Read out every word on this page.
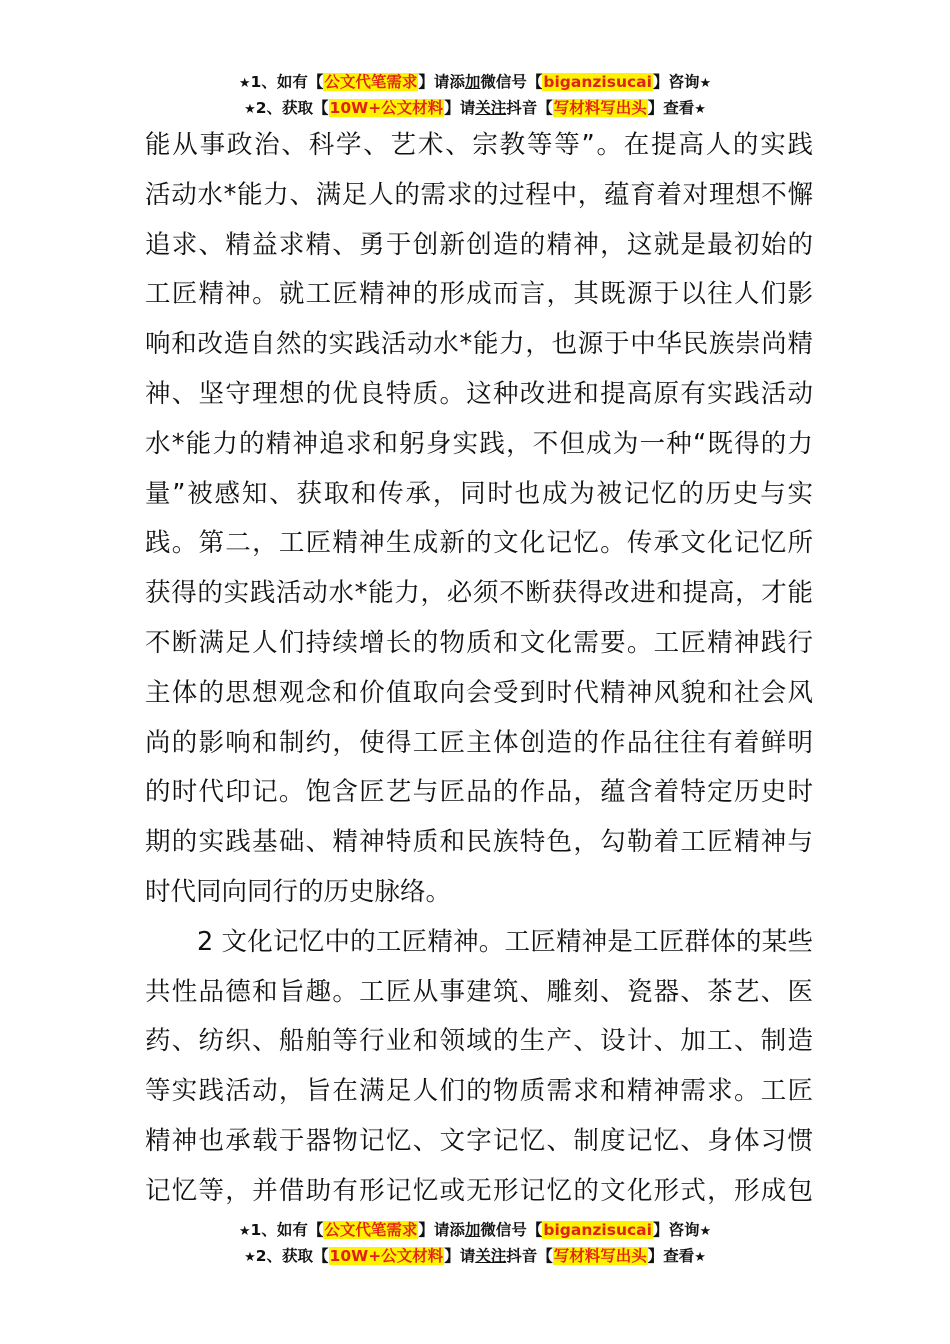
★1、如有【公文代笔需求】请添加微信号【biganzisucai】咨询★
★2、获取【10W+公文材料】请关注抖音【写材料写出头】查看★
能从事政治、科学、艺术、宗教等等”。在提高人的实践
活动水*能力、满足人的需求的过程中，蕴育着对理想不懈
追求、精益求精、勇于创新创造的精神，这就是最初始的
工匠精神。就工匠精神的形成而言，其既源于以往人们影
响和改造自然的实践活动水*能力，也源于中华民族崇尚精
神、坚守理想的优良特质。这种改进和提高原有实践活动
水*能力的精神追求和躬身实践，不但成为一种“既得的力
量”被感知、获取和传承，同时也成为被记忆的历史与实
践。第二，工匠精神生成新的文化记忆。传承文化记忆所
获得的实践活动水*能力，必须不断获得改进和提高，才能
不断满足人们持续增长的物质和文化需要。工匠精神践行
主体的思想观念和价值取向会受到时代精神风貌和社会风
尚的影响和制约，使得工匠主体创造的作品往往有着鲜明
的时代印记。饱含匠艺与匠品的作品，蕴含着特定历史时
期的实践基础、精神特质和民族特色，勾勒着工匠精神与
时代同向同行的历史脉络。
2 文化记忆中的工匠精神。工匠精神是工匠群体的某些
共性品德和旨趣。工匠从事建筑、雕刻、瓷器、茶艺、医
药、纺织、船舶等行业和领域的生产、设计、加工、制造
等实践活动，旨在满足人们的物质需求和精神需求。工匠
精神也承载于器物记忆、文字记忆、制度记忆、身体习惯
记忆等，并借助有形记忆或无形记忆的文化形式，形成包
★1、如有【公文代笔需求】请添加微信号【biganzisucai】咨询★
★2、获取【10W+公文材料】请关注抖音【写材料写出头】查看★
